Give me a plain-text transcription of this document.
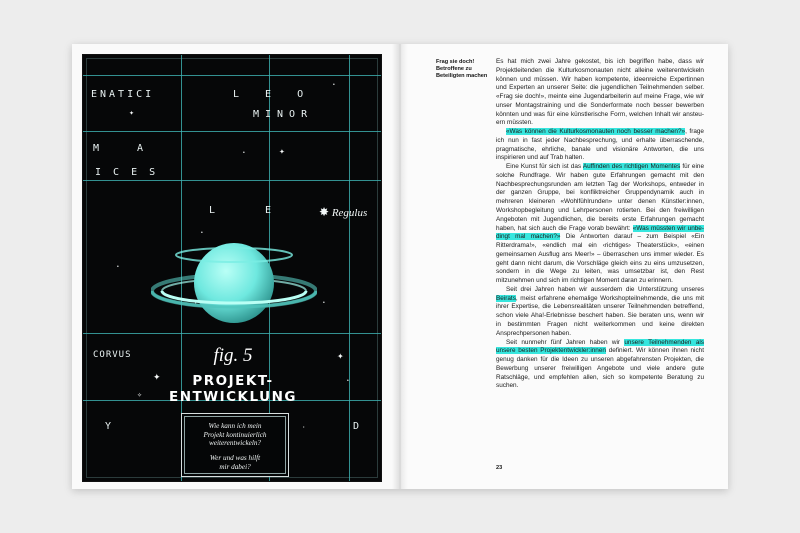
ENATICI	L E O
MINOR
M A
I C E S
L	E
CORVUS
Y	D
✸ Regulus
✦
•
✦
•
•
•
✦
✧
✦
•
•
•
•
fig. 5
PROJEKT-
ENTWICKLUNG
Wie kann ich mein
Projekt kontinuierlich
weiterentwickeln?
Wer und was hilft
mir dabei?
Frag sie doch!
Betroffene zu
Beteiligten machen

Es hat mich zwei Jahre gekostet, bis ich begriffen habe, dass wir Projektleitenden die Kulturkosmonauten nicht alleine weiterentwickeln können und müssen. Wir haben kompetente, ideenreiche Expertinnen und Experten an unserer Seite: die jugendlichen Teilnehmenden selber. «Frag sie doch!», meinte eine Jugendarbeiterin auf meine Frage, wie wir unser Montagstraining und die Sonderformate noch besser bewerben könnten und was für eine künstlerische Form, welchen Inhalt wir ansteuern müssten.

«Was können die Kulturkosmonauten noch besser machen?», frage ich nun in fast jeder Nachbesprechung, und erhalte überraschende, pragmatische, ehrliche, banale und visionäre Antworten, die uns inspirieren und auf Trab halten.

Eine Kunst für sich ist das Auffinden des richtigen Momentes für eine solche Rundfrage. Wir haben gute Erfahrungen gemacht mit den Nachbesprechungsrunden am letzten Tag der Workshops, entweder in der ganzen Gruppe, bei konfliktreicher Gruppendynamik auch in mehreren kleineren «Wohlfühlrunden» unter denen Künstler:innen, Workshopbegleitung und Lehrpersonen rotierten. Bei den freiwilligen Angeboten mit Jugendlichen, die bereits erste Erfahrungen gemacht haben, hat sich auch die Frage vorab bewährt: «Was müssten wir unbedingt mal machen?» Die Antworten darauf – zum Beispiel «Ein Ritterdrama!», «endlich mal ein ‹richtiges› Theaterstück», «einen gemeinsamen Ausflug ans Meer!» – überraschen uns immer wieder. Es geht dann nicht darum, die Vorschläge gleich eins zu eins umzusetzen, sondern in die Wege zu leiten, was umsetzbar ist, den Rest mitzunehmen und sich im richtigen Moment daran zu erinnern.

Seit drei Jahren haben wir ausserdem die Unterstützung unseres Beirats, meist erfahrene ehemalige Workshopteilnehmende, die uns mit ihrer Expertise, die Lebensrealitäten unserer Teilnehmenden betreffend, schon viele Aha!-Erlebnisse beschert haben. Sie beraten uns, wenn wir in bestimmten Fragen nicht weiterkommen und keine direkten Ansprechpersonen haben.

Seit nunmehr fünf Jahren haben wir unsere Teilnehmenden als unsere besten Projektentwickler:innen definiert. Wir können ihnen nicht genug danken für die Ideen zu unseren abgefahrensten Projekten, die Bewerbung unserer freiwilligen Angebote und viele andere gute Ratschläge, und empfehlen allen, sich so kompetente Beratung zu suchen.

23
